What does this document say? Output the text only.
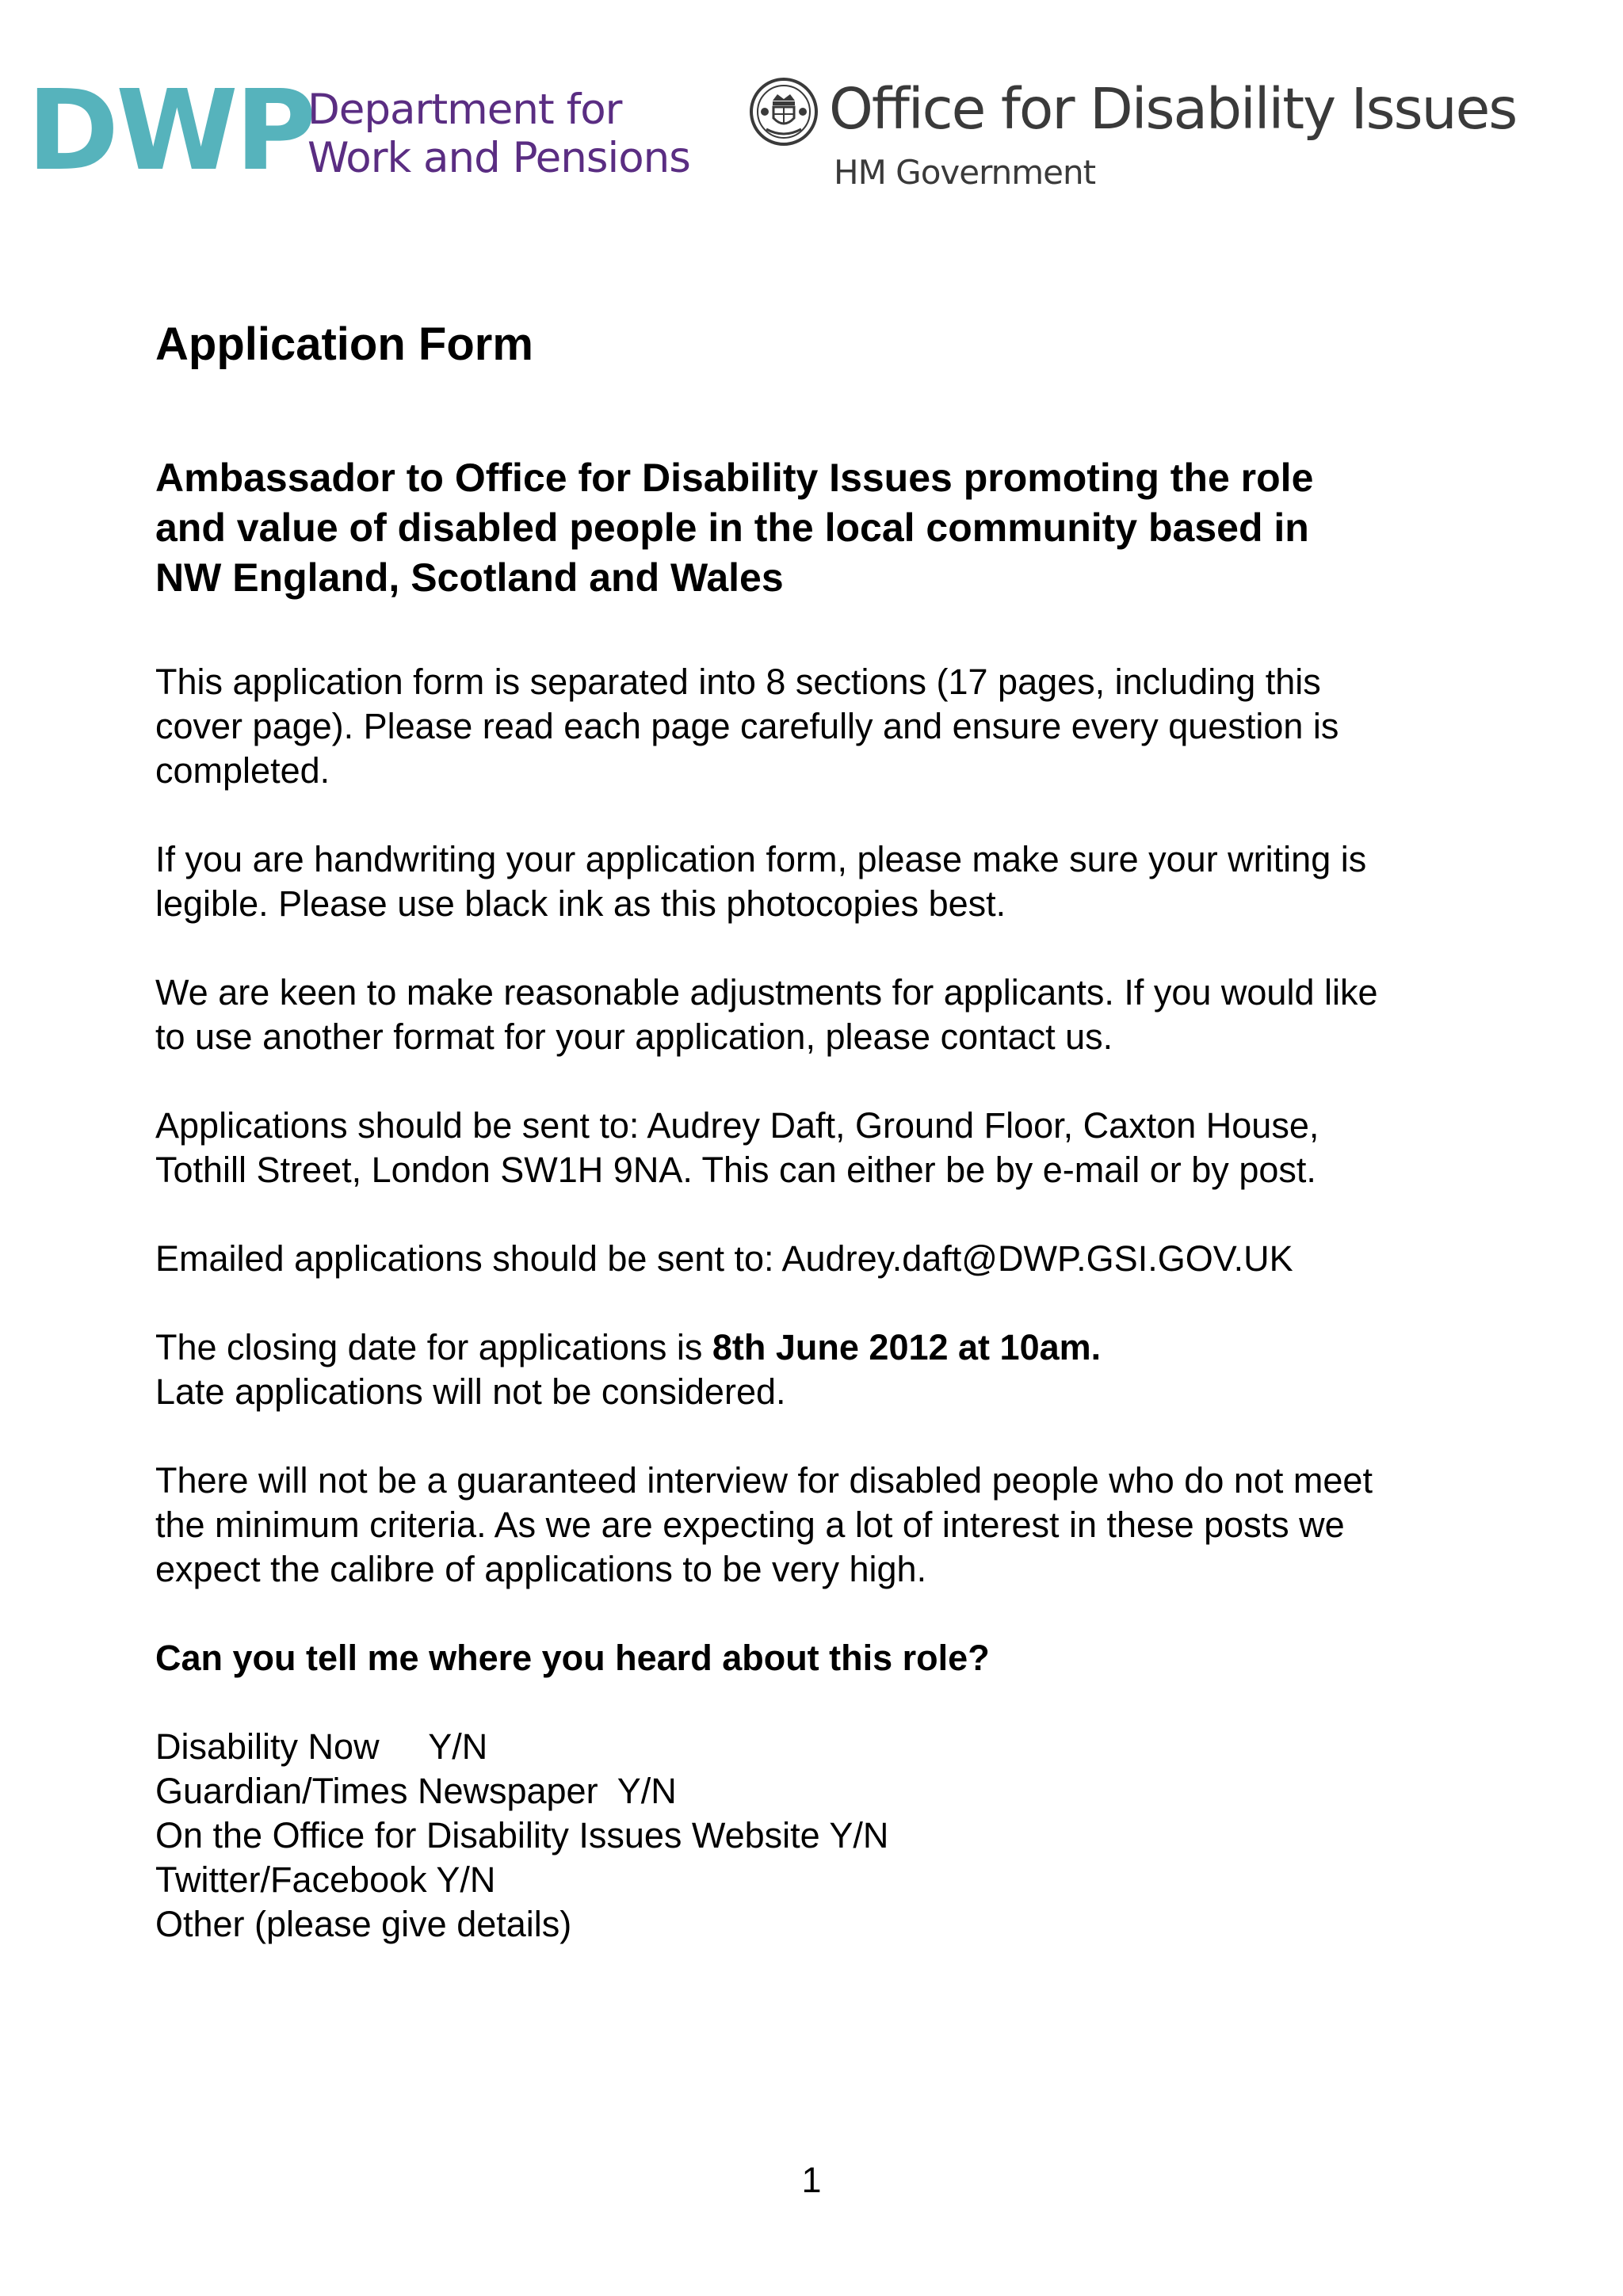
DWP
Department for
Work and Pensions
Office for Disability Issues
HM Government
Application Form
Ambassador to Office for Disability Issues promoting the role
and value of disabled people in the local community based in
NW England, Scotland and Wales
This application form is separated into 8 sections (17 pages, including this
cover page). Please read each page carefully and ensure every question is
completed.
If you are handwriting your application form, please make sure your writing is
legible. Please use black ink as this photocopies best.
We are keen to make reasonable adjustments for applicants. If you would like
to use another format for your application, please contact us.
Applications should be sent to: Audrey Daft, Ground Floor, Caxton House,
Tothill Street, London SW1H 9NA. This can either be by e-mail or by post.
Emailed applications should be sent to: Audrey.daft@DWP.GSI.GOV.UK
The closing date for applications is 8th June 2012 at 10am.
Late applications will not be considered.
There will not be a guaranteed interview for disabled people who do not meet
the minimum criteria. As we are expecting a lot of interest in these posts we
expect the calibre of applications to be very high.
Can you tell me where you heard about this role?
Disability Now     Y/N
Guardian/Times Newspaper  Y/N
On the Office for Disability Issues Website Y/N
Twitter/Facebook Y/N
Other (please give details)
1
